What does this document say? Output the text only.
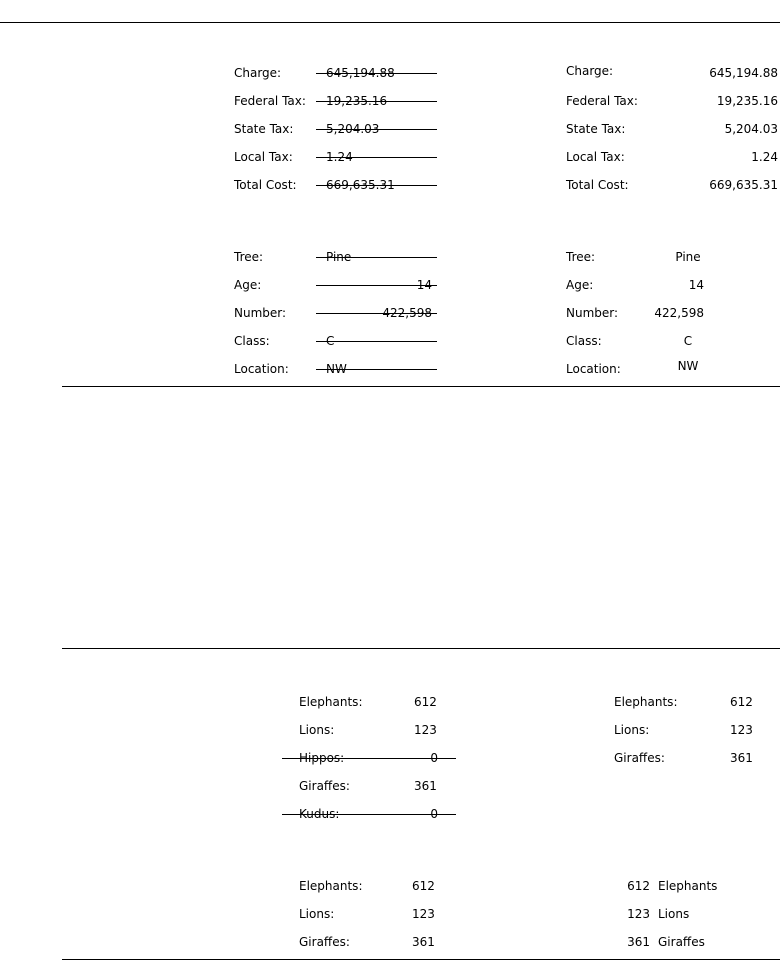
Charge:	645,194.88
Federal Tax: 19,235.16
State Tax:	5,204.03
Local Tax:	1.24
Total Cost: 669,635.31
Charge:	645,194.88
Federal Tax:	19,235.16
State Tax:	5,204.03
Local Tax:	1.24
Total Cost:	669,635.31
Tree:	Pine
Age:	14
Number:	422,598
Class:	C
Location:	NW
Tree:	Pine
Age:	14
Number:	422,598
Class:	C
Location:	NW
Elephants:	612
Lions:	123
Hippos:	0
Giraffes:	361
Kudus:	0
Elephants:	612
Lions:	123
Giraffes:	361
Elephants:	612
Lions:	123
Giraffes:	361
612 Elephants
123 Lions
361 Giraffes
